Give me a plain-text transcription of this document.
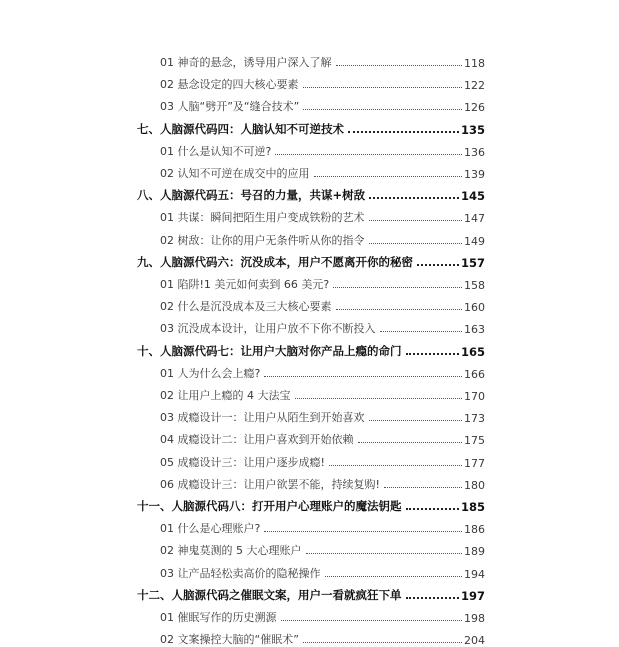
01 神奇的悬念，诱导用户深入了解	118
02 悬念设定的四大核心要素	122
03 人脑“劈开”及“缝合技术”	126
七、人脑源代码四：人脑认知不可逆技术	135
01 什么是认知不可逆?	136
02 认知不可逆在成交中的应用	139
八、人脑源代码五：号召的力量，共谋+树敌	145
01 共谋：瞬间把陌生用户变成铁粉的艺术	147
02 树敌：让你的用户无条件听从你的指令	149
九、人脑源代码六：沉没成本，用户不愿离开你的秘密	157
01 陷阱!1 美元如何卖到 66 美元?	158
02 什么是沉没成本及三大核心要素	160
03 沉没成本设计，让用户放不下你不断投入	163
十、人脑源代码七：让用户大脑对你产品上瘾的命门	165
01 人为什么会上瘾?	166
02 让用户上瘾的 4 大法宝	170
03 成瘾设计一：让用户从陌生到开始喜欢	173
04 成瘾设计二：让用户喜欢到开始依赖	175
05 成瘾设计三：让用户逐步成瘾!	177
06 成瘾设计三：让用户欲罢不能，持续复购!	180
十一、人脑源代码八：打开用户心理账户的魔法钥匙	185
01 什么是心理账户?	186
02 神鬼莫测的 5 大心理账户	189
03 让产品轻松卖高价的隐秘操作	194
十二、人脑源代码之催眠文案，用户一看就疯狂下单	197
01 催眠写作的历史溯源	198
02 文案操控大脑的“催眠术”	204
